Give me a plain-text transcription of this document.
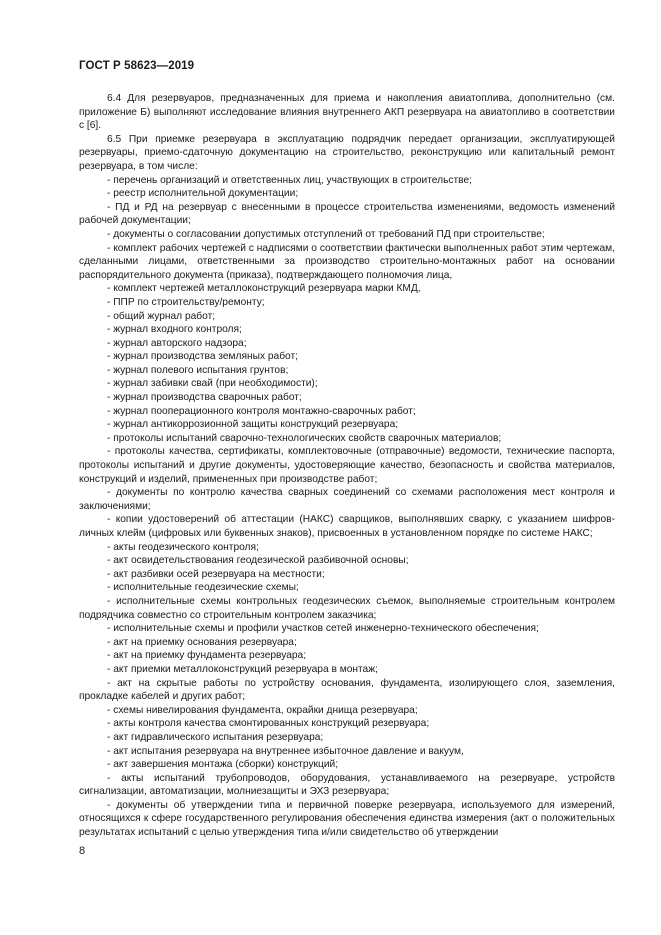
ГОСТ Р 58623—2019

6.4 Для резервуаров, предназначенных для приема и накопления авиатоплива, дополнительно (см. приложение Б) выполняют исследование влияния внутреннего АКП резервуара на авиатопливо в соответствии с [6].

6.5 При приемке резервуара в эксплуатацию подрядчик передает организации, эксплуатирующей резервуары, приемо-сдаточную документацию на строительство, реконструкцию или капитальный ремонт резервуара, в том числе:

- перечень организаций и ответственных лиц, участвующих в строительстве;

- реестр исполнительной документации;

- ПД и РД на резервуар с внесенными в процессе строительства изменениями, ведомость изменений рабочей документации;

- документы о согласовании допустимых отступлений от требований ПД при строительстве;

- комплект рабочих чертежей с надписями о соответствии фактически выполненных работ этим чертежам, сделанными лицами, ответственными за производство строительно-монтажных работ на основании распорядительного документа (приказа), подтверждающего полномочия лица,

- комплект чертежей металлоконструкций резервуара марки КМД,

- ППР по строительству/ремонту;

- общий журнал работ;

- журнал входного контроля;

- журнал авторского надзора;

- журнал производства земляных работ;

- журнал полевого испытания грунтов;

- журнал забивки свай (при необходимости);

- журнал производства сварочных работ;

- журнал пооперационного контроля монтажно-сварочных работ;

- журнал антикоррозионной защиты конструкций резервуара;

- протоколы испытаний сварочно-технологических свойств сварочных материалов;

- протоколы качества, сертификаты, комплектовочные (отправочные) ведомости, технические паспорта, протоколы испытаний и другие документы, удостоверяющие качество, безопасность и свойства материалов, конструкций и изделий, примененных при производстве работ;

- документы по контролю качества сварных соединений со схемами расположения мест контроля и заключениями;

- копии удостоверений об аттестации (НАКС) сварщиков, выполнявших сварку, с указанием шифров-личных клейм (цифровых или буквенных знаков), присвоенных в установленном порядке по системе НАКС;

- акты геодезического контроля;

- акт освидетельствования геодезической разбивочной основы;

- акт разбивки осей резервуара на местности;

- исполнительные геодезические схемы;

- исполнительные схемы контрольных геодезических съемок, выполняемые строительным контролем подрядчика совместно со строительным контролем заказчика;

- исполнительные схемы и профили участков сетей инженерно-технического обеспечения;

- акт на приемку основания резервуара;

- акт на приемку фундамента резервуара;

- акт приемки металлоконструкций резервуара в монтаж;

- акт на скрытые работы по устройству основания, фундамента, изолирующего слоя, заземления, прокладке кабелей и других работ;

- схемы нивелирования фундамента, окрайки днища резервуара;

- акты контроля качества смонтированных конструкций резервуара;

- акт гидравлического испытания резервуара;

- акт испытания резервуара на внутреннее избыточное давление и вакуум,

- акт завершения монтажа (сборки) конструкций;

- акты испытаний трубопроводов, оборудования, устанавливаемого на резервуаре, устройств сигнализации, автоматизации, молниезащиты и ЭХЗ резервуара;

- документы об утверждении типа и первичной поверке резервуара, используемого для измерений, относящихся к сфере государственного регулирования обеспечения единства измерения (акт о положительных результатах испытаний с целью утверждения типа и/или свидетельство об утверждении

8
